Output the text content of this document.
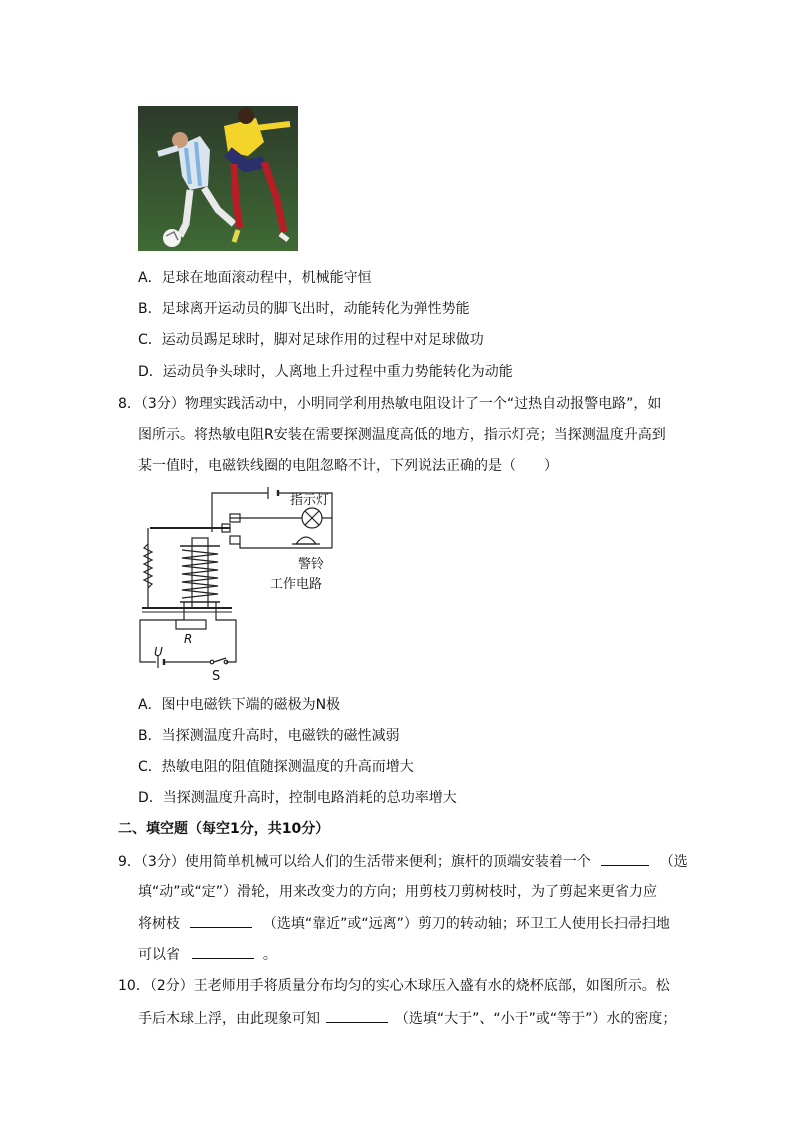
A．足球在地面滚动程中，机械能守恒
B．足球离开运动员的脚飞出时，动能转化为弹性势能
C．运动员踢足球时，脚对足球作用的过程中对足球做功
D．运动员争头球时，人离地上升过程中重力势能转化为动能
8．（3分）物理实践活动中，小明同学利用热敏电阻设计了一个“过热自动报警电路”，如
图所示。将热敏电阻R安装在需要探测温度高低的地方，指示灯亮；当探测温度升高到
某一值时，电磁铁线圈的电阻忽略不计，下列说法正确的是（　　）
指示灯
警铃
工作电路
R
U
S
A．图中电磁铁下端的磁极为N极
B．当探测温度升高时，电磁铁的磁性减弱
C．热敏电阻的阻值随探测温度的升高而增大
D．当探测温度升高时，控制电路消耗的总功率增大
二、填空题（每空1分，共10分）
9．（3分）使用简单机械可以给人们的生活带来便利；旗杆的顶端安装着一个	（选
填“动”或“定”）滑轮，用来改变力的方向；用剪枝刀剪树枝时，为了剪起来更省力应
将树枝	（选填“靠近”或“远离”）剪刀的转动轴；环卫工人使用长扫帚扫地
可以省	。
10．（2分）王老师用手将质量分布均匀的实心木球压入盛有水的烧杯底部，如图所示。松
手后木球上浮，由此现象可知	（选填“大于”、“小于”或“等于”）水的密度；
